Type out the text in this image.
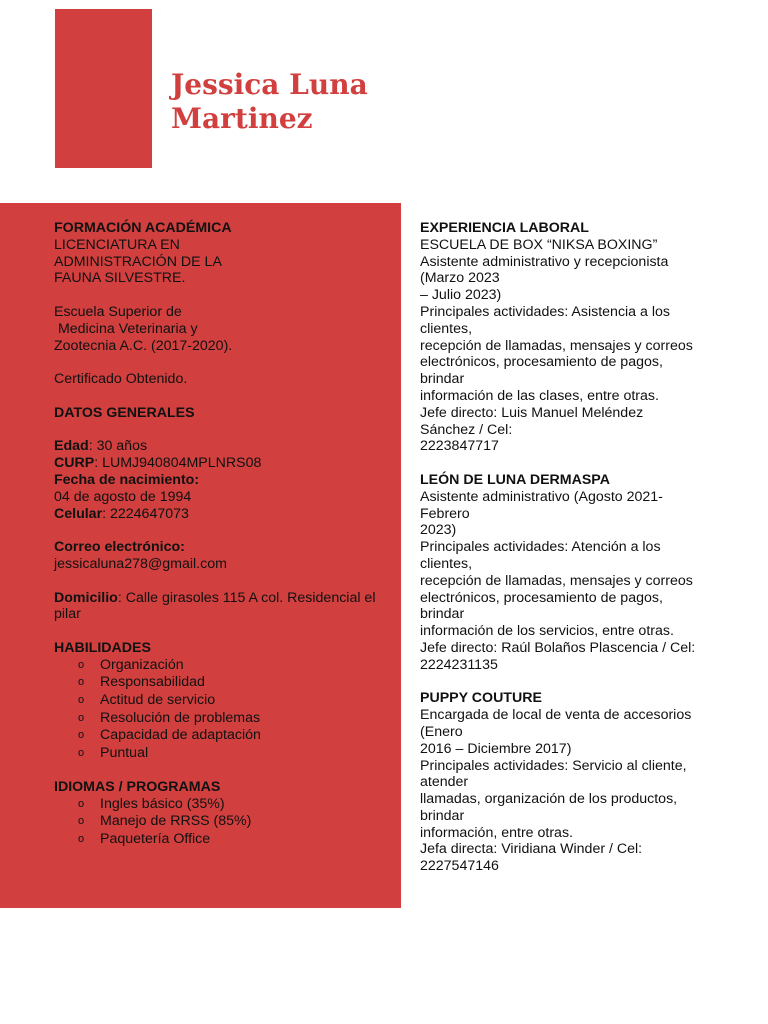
Jessica Luna
Martinez
FORMACIÓN ACADÉMICA
LICENCIATURA EN
ADMINISTRACIÓN DE LA
FAUNA SILVESTRE.
Escuela Superior de
Medicina Veterinaria y
Zootecnia A.C. (2017-2020).
Certificado Obtenido.
DATOS GENERALES
Edad: 30 años
CURP: LUMJ940804MPLNRS08
Fecha de nacimiento:
04 de agosto de 1994
Celular: 2224647073
Correo electrónico:
jessicaluna278@gmail.com
Domicilio: Calle girasoles 115 A col. Residencial el pilar
HABILIDADES
o Organización
o Responsabilidad
o Actitud de servicio
o Resolución de problemas
o Capacidad de adaptación
o Puntual
IDIOMAS / PROGRAMAS
o Ingles básico (35%)
o Manejo de RRSS (85%)
o Paquetería Office
EXPERIENCIA LABORAL
ESCUELA DE BOX “NIKSA BOXING”
Asistente administrativo y recepcionista
(Marzo 2023
– Julio 2023)
Principales actividades: Asistencia a los
clientes,
recepción de llamadas, mensajes y correos
electrónicos, procesamiento de pagos,
brindar
información de las clases, entre otras.
Jefe directo: Luis Manuel Meléndez
Sánchez / Cel:
2223847717
LEÓN DE LUNA DERMASPA
Asistente administrativo (Agosto 2021-
Febrero
2023)
Principales actividades: Atención a los
clientes,
recepción de llamadas, mensajes y correos
electrónicos, procesamiento de pagos,
brindar
información de los servicios, entre otras.
Jefe directo: Raúl Bolaños Plascencia / Cel:
2224231135
PUPPY COUTURE
Encargada de local de venta de accesorios
(Enero
2016 – Diciembre 2017)
Principales actividades: Servicio al cliente,
atender
llamadas, organización de los productos,
brindar
información, entre otras.
Jefa directa: Viridiana Winder / Cel:
2227547146
